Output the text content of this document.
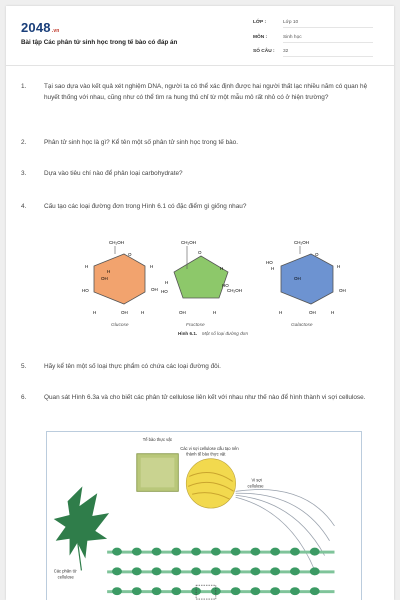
2048.vn
Bài tập Các phân tử sinh học trong tế bào có đáp án
LỚP :	Lớp 10
MÔN :	Sinh học
SỐ CÂU : 32
1.	Tại sao dựa vào kết quả xét nghiệm DNA, người ta có thể xác định được hai người thất lạc nhiều năm có quan hệ huyết thống với nhau, cũng như có thể tìm ra hung thủ chỉ từ một mẫu mô rất nhỏ có ở hiện trường?
2.	Phân tử sinh học là gì? Kể tên một số phân tử sinh học trong tế bào.
3.	Dựa vào tiêu chí nào để phân loại carbohydrate?
4.	Cấu tạo các loại đường đơn trong Hình 6.1 có đặc điểm gì giống nhau?
CH₂OH
O
H	H
OH
H
HO	OH
H	H
OH
Glucose
CH₂OH
O
H
HO
CH₂OH
H
HO
OH	H
Fructose
CH₂OH
O
HO
H	H
OH
OH
H	OH	H
Galactose
Hình 6.1. Một số loại đường đơn
5.	Hãy kể tên một số loại thực phẩm có chứa các loại đường đôi.
6.	Quan sát Hình 6.3a và cho biết các phân tử cellulose liên kết với nhau như thế nào để hình thành vi sợi cellulose.
Tế bào thực vật
Các vi sợi cellulose cấu tạo nên
thành tế bào thực vật
Vi sợi
cellulose
Các phân tử
cellulose
